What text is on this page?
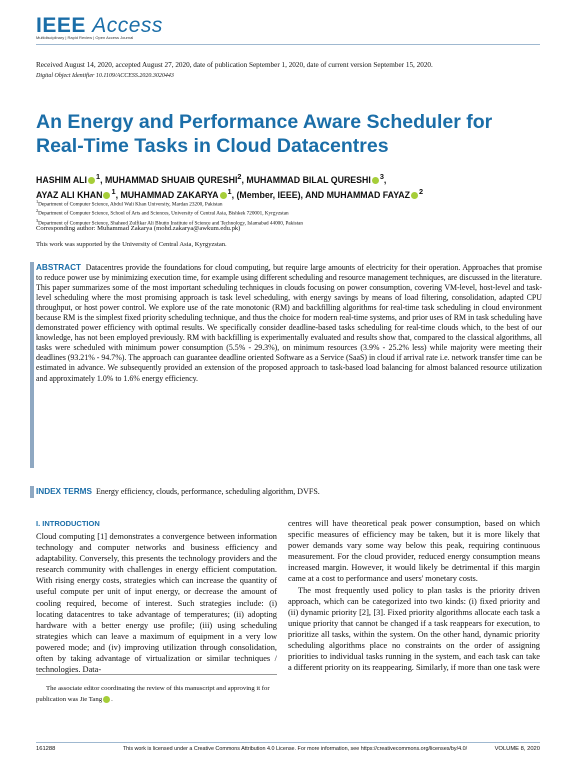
IEEE Access
Multidisciplinary | Rapid Review | Open Access Journal
Received August 14, 2020, accepted August 27, 2020, date of publication September 1, 2020, date of current version September 15, 2020.
Digital Object Identifier 10.1109/ACCESS.2020.3020443
An Energy and Performance Aware Scheduler for Real-Time Tasks in Cloud Datacentres
HASHIM ALI $^1$, MUHAMMAD SHUAIB QURESHI$^2$, MUHAMMAD BILAL QURESHI $^3$,
AYAZ ALI KHAN $^1$, MUHAMMAD ZAKARYA $^1$, (Member, IEEE), AND MUHAMMAD FAYAZ $^2$
$^1$Department of Computer Science, Abdul Wali Khan University, Mardan 23200, Pakistan
$^2$Department of Computer Science, School of Arts and Sciences, University of Central Asia, Bishkek 720001, Kyrgyzstan
$^3$Department of Computer Science, Shaheed Zulfikar Ali Bhutto Institute of Science and Technology, Islamabad 44000, Pakistan
Corresponding author: Muhammad Zakarya (mohd.zakarya@awkum.edu.pk)
This work was supported by the University of Central Asia, Kyrgyzstan.
ABSTRACT Datacentres provide the foundations for cloud computing, but require large amounts of electricity for their operation. Approaches that promise to reduce power use by minimizing execution time, for example using different scheduling and resource management techniques, are discussed in the literature. This paper summarizes some of the most important scheduling techniques in clouds focusing on power consumption, covering VM-level, host-level and task-level scheduling where the most promising approach is task level scheduling, with energy savings by means of load filtering, consolidation, adapted CPU throughput, or host power control. We explore use of the rate monotonic (RM) and backfilling algorithms for real-time task scheduling in cloud environment because RM is the simplest fixed priority scheduling technique, and thus the choice for modern real-time systems, and prior uses of RM in task scheduling have demonstrated power efficiency with optimal results. We specifically consider deadline-based tasks scheduling for real-time clouds which, to the best of our knowledge, has not been employed previously. RM with backfilling is experimentally evaluated and results show that, compared to the classical algorithms, all tasks were scheduled with minimum power consumption (5.5% - 29.3%), on minimum resources (3.9% - 25.2% less) while majority were meeting their deadlines (93.21% - 94.7%). The approach can guarantee deadline oriented Software as a Service (SaaS) in cloud if arrival rate i.e. network transfer time can be estimated in advance. We subsequently provided an extension of the proposed approach to task-based load balancing for almost balanced resource utilization and approximately 1.0% to 1.6% energy efficiency.
INDEX TERMS Energy efficiency, clouds, performance, scheduling algorithm, DVFS.
I. INTRODUCTION

Cloud computing [1] demonstrates a convergence between information technology and computer networks and business efficiency and adaptability. Conversely, this presents the technology providers and the research community with challenges in energy efficient computation. With rising energy costs, strategies which can increase the quantity of useful compute per unit of input energy, or decrease the amount of cooling required, become of interest. Such strategies include: (i) locating datacentres to take advantage of temperatures; (ii) adopting hardware with a better energy use profile; (iii) using scheduling strategies which can leave a maximum of equipment in a very low powered mode; and (iv) improving utilization through consolidation, often by taking advantage of virtualization or similar techniques / technologies. Data-

centres will have theoretical peak power consumption, based on which specific measures of efficiency may be taken, but it is more likely that power demands vary some way below this peak, requiring continuous measurement. For the cloud provider, reduced energy consumption means increased margin. However, it would likely be detrimental if this margin came at a cost to performance and users' monetary costs.

The most frequently used policy to plan tasks is the priority driven approach, which can be categorized into two kinds: (i) fixed priority and (ii) dynamic priority [2], [3]. Fixed priority algorithms allocate each task a unique priority that cannot be changed if a task reappears for execution, to prioritize all tasks, within the system. On the other hand, dynamic priority scheduling algorithms place no constraints on the order of assigning priorities to individual tasks running in the system, and each task can take a different priority on its reappearing. Similarly, if more than one task were

The associate editor coordinating the review of this manuscript and approving it for publication was Jie Tang .
161288	This work is licensed under a Creative Commons Attribution 4.0 License. For more information, see https://creativecommons.org/licenses/by/4.0/	VOLUME 8, 2020
